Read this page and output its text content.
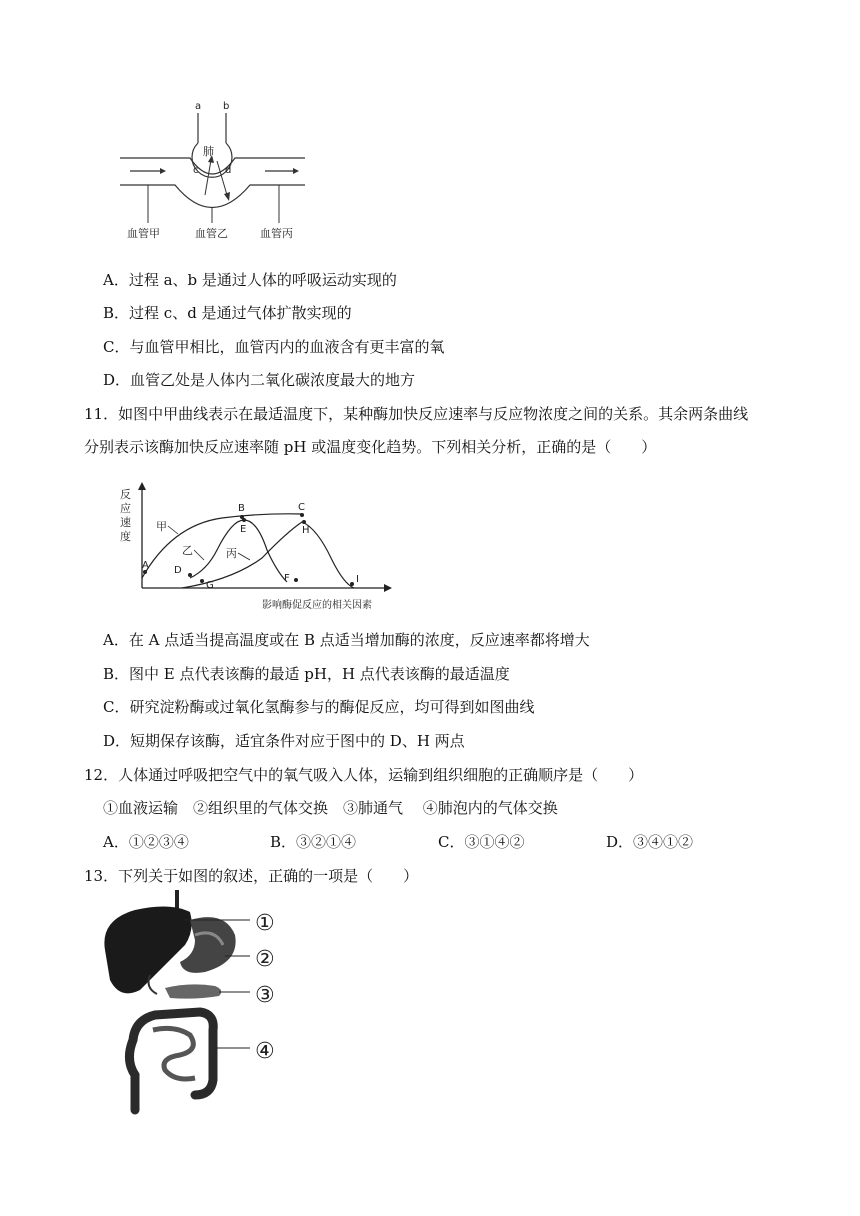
a b
肺
c	d
血管甲	血管乙	血管丙
A．过程 a、b 是通过人体的呼吸运动实现的
B．过程 c、d 是通过气体扩散实现的
C．与血管甲相比，血管丙内的血液含有更丰富的氧
D．血管乙处是人体内二氧化碳浓度最大的地方
11．如图中甲曲线表示在最适温度下，某种酶加快反应速率与反应物浓度之间的关系。其余两条曲线
分别表示该酶加快反应速率随 pH 或温度变化趋势。下列相关分析，正确的是（　　）
反
应
速
度
甲
乙	丙
A
B	C
D
E
F
G
H
I
影响酶促反应的相关因素
A．在 A 点适当提高温度或在 B 点适当增加酶的浓度，反应速率都将增大
B．图中 E 点代表该酶的最适 pH，H 点代表该酶的最适温度
C．研究淀粉酶或过氧化氢酶参与的酶促反应，均可得到如图曲线
D．短期保存该酶，适宜条件对应于图中的 D、H 两点
12．人体通过呼吸把空气中的氧气吸入人体，运输到组织细胞的正确顺序是（　　）
①血液运输　②组织里的气体交换　③肺通气　 ④肺泡内的气体交换
A．①②③④	B．③②①④	C．③①④②	D．③④①②
13．下列关于如图的叙述，正确的一项是（　　）
①
②
③
④
